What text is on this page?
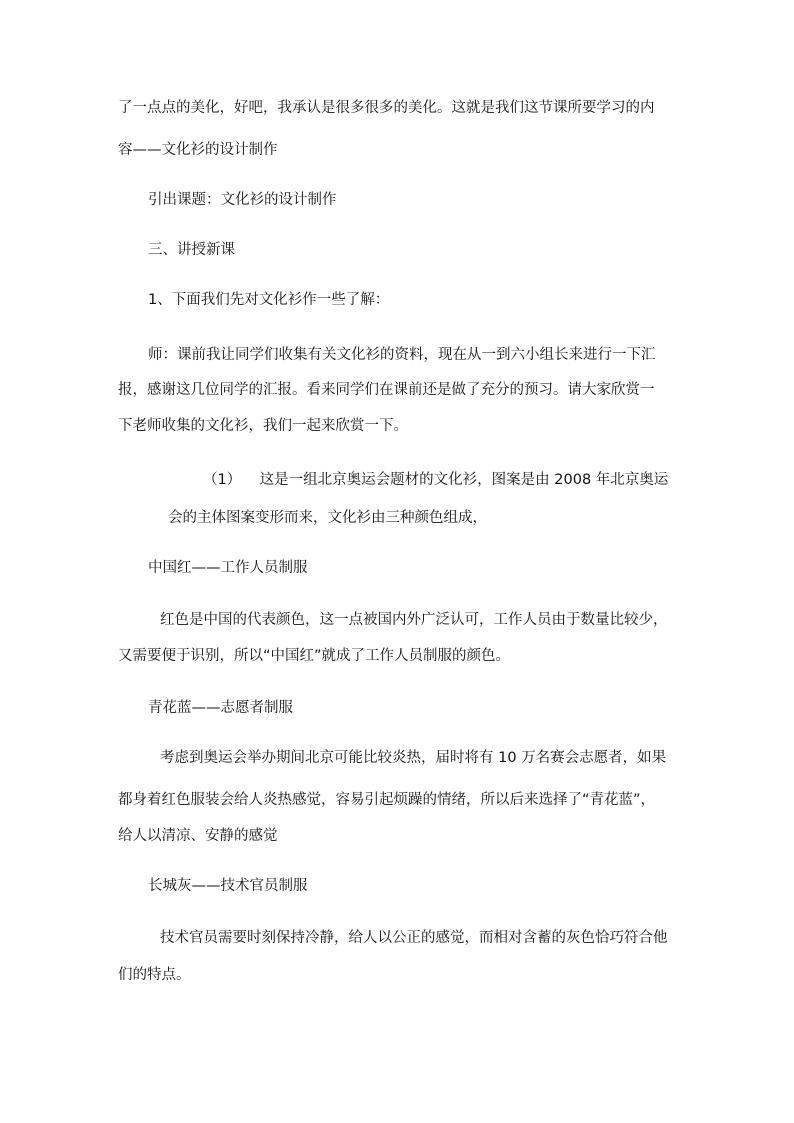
了一点点的美化，好吧，我承认是很多很多的美化。这就是我们这节课所要学习的内
容——文化衫的设计制作
引出课题：文化衫的设计制作
三、讲授新课
1、下面我们先对文化衫作一些了解：
师：课前我让同学们收集有关文化衫的资料，现在从一到六小组长来进行一下汇
报，感谢这几位同学的汇报。看来同学们在课前还是做了充分的预习。请大家欣赏一
下老师收集的文化衫，我们一起来欣赏一下。
（1）    这是一组北京奥运会题材的文化衫，图案是由 2008 年北京奥运
会的主体图案变形而来，文化衫由三种颜色组成，
中国红——工作人员制服
红色是中国的代表颜色，这一点被国内外广泛认可，工作人员由于数量比较少，
又需要便于识别，所以“中国红”就成了工作人员制服的颜色。
青花蓝——志愿者制服
考虑到奥运会举办期间北京可能比较炎热，届时将有 10 万名赛会志愿者，如果
都身着红色服装会给人炎热感觉，容易引起烦躁的情绪，所以后来选择了“青花蓝”，
给人以清凉、安静的感觉
长城灰——技术官员制服
技术官员需要时刻保持冷静，给人以公正的感觉，而相对含蓄的灰色恰巧符合他
们的特点。
